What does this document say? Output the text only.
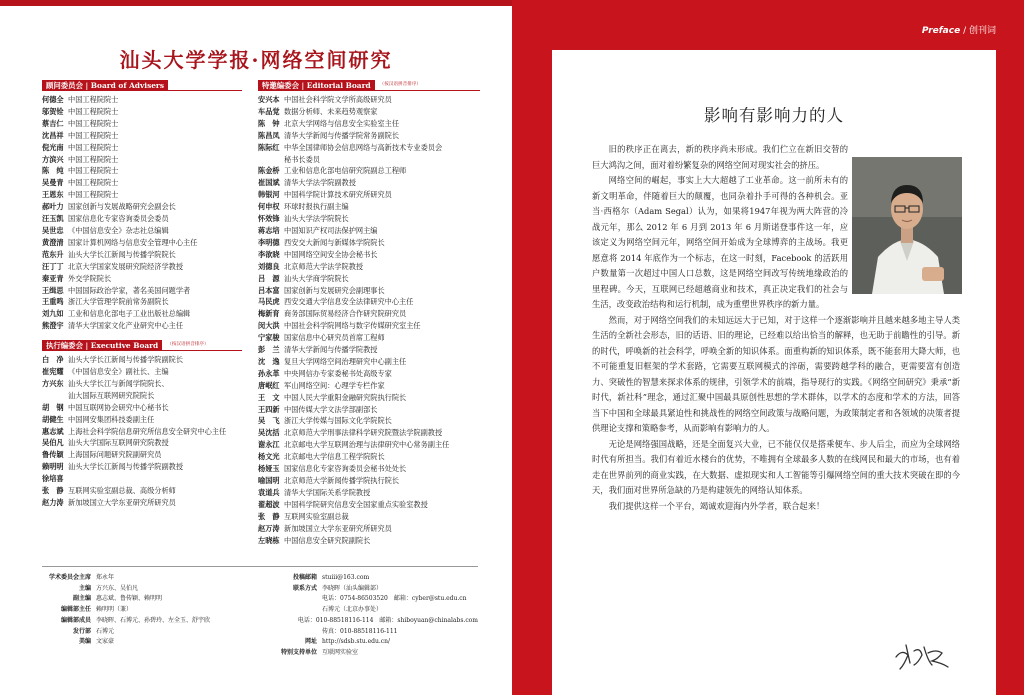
汕头大学学报·网络空间研究
顾问委员会 | Board of Advisers
何德全 中国工程院院士
邬贺铨 中国工程院院士
蔡吉仁 中国工程院院士
沈昌祥 中国工程院院士
倪光南 中国工程院院士
方滨兴 中国工程院院士
陈　纯 中国工程院院士
吴曼青 中国工程院院士
王恩东 中国工程院院士
郝叶力 国家创新与发展战略研究会副会长
汪玉凯 国家信息化专家咨询委员会委员
吴世忠 《中国信息安全》杂志社总编辑
黄澄清 国家计算机网络与信息安全管理中心主任
范东升 汕头大学长江新闻与传播学院院长
汪丁丁 北京大学国家发展研究院经济学教授
秦亚青 外交学院院长
王缉思 中国国际政治学家，著名美国问题学者
王重鸣 浙江大学管理学院前常务副院长
刘九如 工业和信息化部电子工业出版社总编辑
熊澄宇 清华大学国家文化产业研究中心主任
执行编委会 | Executive Board	（按汉语拼音排序）
白　净 汕头大学长江新闻与传播学院副院长
崔宪耀 《中国信息安全》副社长、主编
方兴东 汕头大学长江与新闻学院院长、
汕大国际互联网研究院院长
胡　钢 中国互联网协会研究中心秘书长
胡健生 中国网安集团科技委副主任
惠志斌 上海社会科学院信息研究所信息安全研究中心主任
吴伯凡 汕头大学国际互联网研究院教授
鲁传颖 上海国际问题研究院副研究员
赖明明 汕头大学长江新闻与传播学院副教授
徐培喜
张　静 互联网实验室副总裁、高级分析师
赵力涛 新加坡国立大学东亚研究所研究员
特邀编委会 | Editorial Board	（按汉语拼音排序）
安兴本 中国社会科学院文学所高级研究员
车品觉 数据分析师、未来趋势观察家
陈　钟 北京大学网络与信息安全实验室主任
陈昌凤 清华大学新闻与传播学院常务副院长
陈际红 中华全国律师协会信息网络与高新技术专业委员会
秘书长委员
陈金桥 工业和信息化部电信研究院副总工程师
崔国斌 清华大学法学院副教授
韩银河 中国科学院计算技术研究所研究员
何申权 环球时报执行副主编
怀效锋 汕头大学法学院院长
蒋志培 中国知识产权司法保护网主编
李明德 西安交大新闻与新媒体学院院长
李欲晓 中国网络空间安全协会秘书长
刘德良 北京师范大学法学院教授
吕　源 汕头大学商学院院长
吕本富 国家创新与发展研究会副理事长
马民虎 西安交通大学信息安全法律研究中心主任
梅新育 商务部国际贸易经济合作研究院研究员
闵大洪 中国社会科学院网络与数字传媒研究室主任
宁家骏 国家信息中心研究员首席工程师
彭　兰 清华大学新闻与传播学院教授
沈　逸 复旦大学网络空间治理研究中心副主任
孙永革 中央网信办专家委秘书处高级专家
唐岷红 军山网络空间：心理学专栏作家
王　文 中国人民大学重阳金融研究院执行院长
王四新 中国传媒大学文法学部副部长
吴　飞 浙江大学传媒与国际文化学院院长
吴沈括 北京师范大学刑事法律科学研究院暨法学院副教授
谢永江 北京邮电大学互联网治理与法律研究中心常务副主任
杨文光 北京邮电大学信息工程学院院长
杨娅玉 国家信息化专家咨询委员会秘书处处长
喻国明 北京师范大学新闻传播学院执行院长
袁道兵 清华大学国际关系学院教授
翟超波 中国科学院研究信息安全国家重点实验室教授
张　静 互联网实验室副总裁
赵万涛 新加坡国立大学东亚研究所研究员
左晓栋 中国信息安全研究院副院长
学术委员会主席 郑永年
主编 方兴东、吴伯凡
副主编 惠志斌、鲁传颖、赖明明
编辑部主任 赖明明（兼）
编辑部成员 李晓晖、石博元、孙碧玲、左全玉、舒宇欣
发行部 石博元
美编 文家豪
投稿邮箱 stuiii@163.com
联系方式 李晓晖（汕头编辑部）
电话：0754-86503520　邮箱：cyber@stu.edu.cn
石博元（北京办事处）
电话：010-88518116-114　邮箱：shiboyuan@chinalabs.com
传真：010-88518116-111
网址 http://sdsb.stu.edu.cn/
特别支持单位 互联网实验室
Preface / 创刊词
影响有影响力的人

旧的秩序正在离去，新的秩序尚未形成。我们伫立在新旧交替的巨大鸿沟之间，面对着纷繁复杂的网络空间对现实社会的挤压。

网络空间的崛起，事实上大大超越了工业革命。这一前所未有的新文明革命，伴随着巨大的颠覆，也同杂着扑手可得的各种机会。亚当·西格尔（Adam Segal）认为，如果将1947年视为两大阵营的冷战元年，那么 2012 年 6 月到 2013 年 6 月斯诺登事件这一年，应该定义为网络空间元年，网络空间开始成为全球博弈的主战场。我更愿意将 2014 年底作为一个标志，在这一时刻，Facebook 的活跃用户数量第一次超过中国人口总数，这是网络空间改写传统地缘政治的里程碑。今天，互联网已经超越商业和技术，真正决定我们的社会与生活，改变政治结构和运行机制，成为重塑世界秩序的新力量。

然而，对于网络空间我们的未知远远大于已知，对于这样一个逐渐影响并且越来越多地主导人类生活的全新社会形态，旧的话语、旧的理论，已经难以给出恰当的解释，也无助于前瞻性的引导。新的时代，呼唤新的社会科学，呼唤全新的知识体系。面重构新的知识体系，既不能套用大降大师，也不可能重复旧框架的学术套路，它需要互联网模式的淬砺，需要跨越学科的融合，更需要富有创造力、突破性的智慧来探求体系的规律，引领学术的前端，指导现行的实践。《网络空间研究》秉承“新时代，新社科”理念，通过汇聚中国最具原创性思想的学术群体，以学术的态度和学术的方法，回答当下中国和全球最具紧迫性和挑战性的网络空间政策与战略问题，为政策制定者和各领域的决策者提供理论支撑和策略参考，从而影响有影响力的人。

无论是网络强国战略，还是全面复兴大业，已不能仅仅是搭乘便车、步人后尘，而应为全球网络时代有所担当。我们有着近水楼台的优势，不唯拥有全球最多人数的在线网民和最大的市场，也有着走在世界前列的商业实践，在大数据、虚拟现实和人工智能等引爆网络空间的重大技术突破在即的今天，我们面对世界所急缺的乃是构建领先的网络认知体系。

我们提供这样一个平台，竭诚欢迎海内外学者，联合起来！
